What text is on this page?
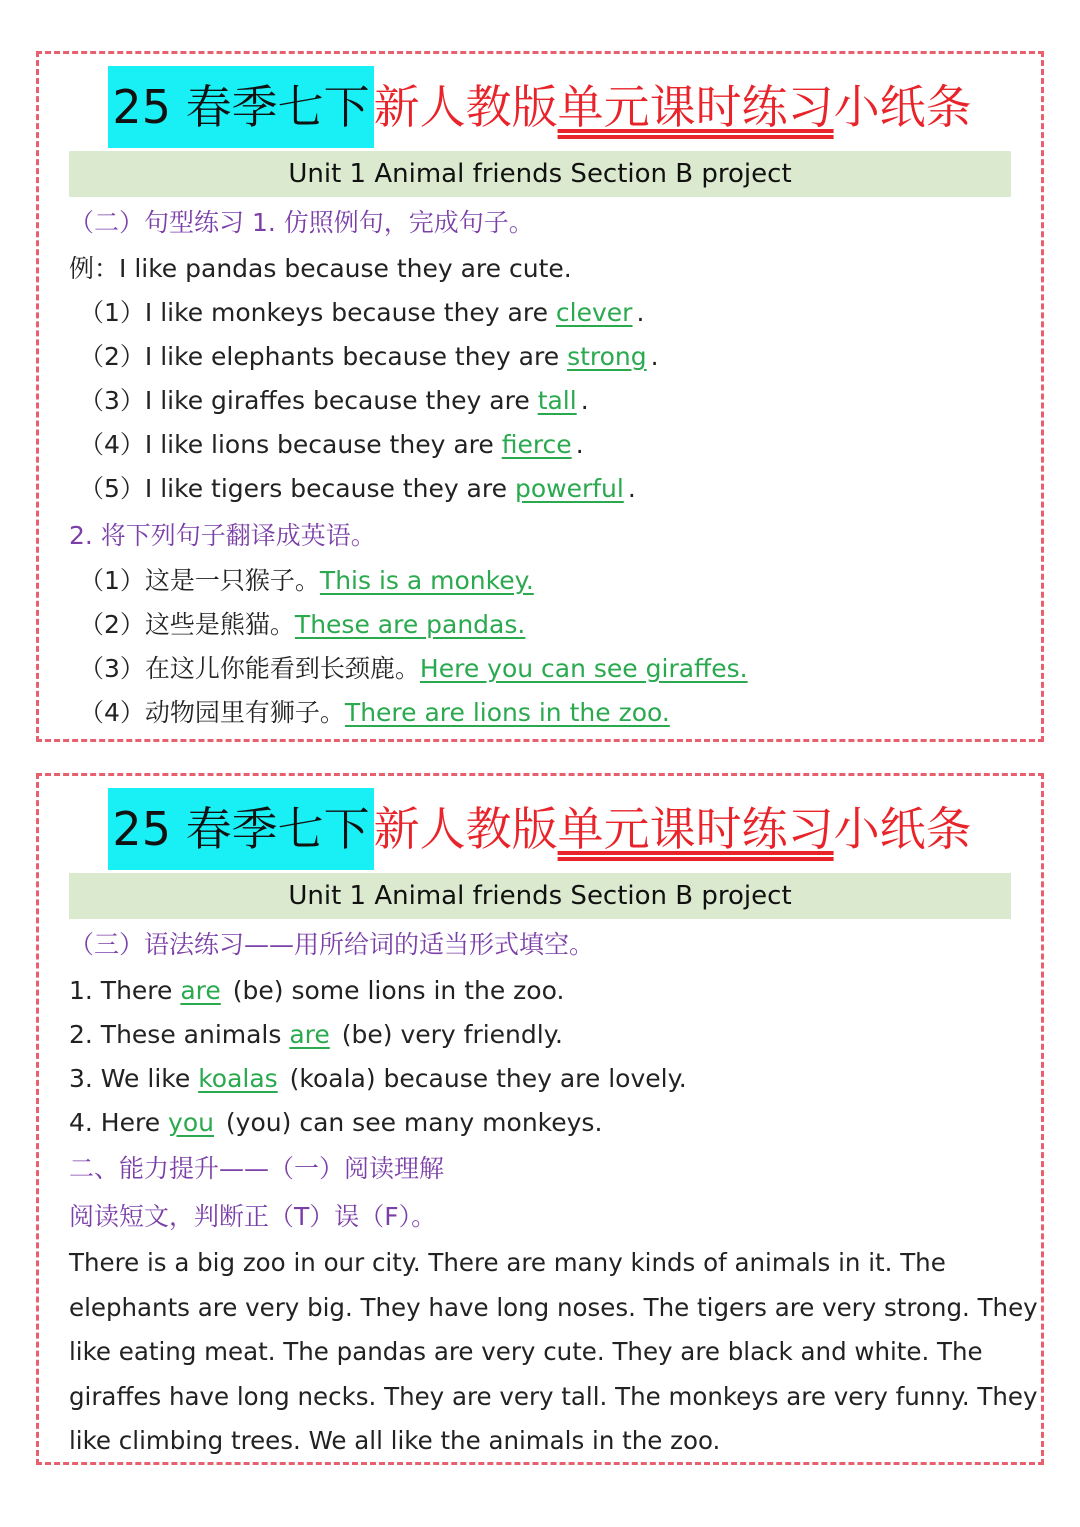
25 春季七下新人教版单元课时练习小纸条
Unit 1 Animal friends Section B project
（二）句型练习 1. 仿照例句，完成句子。
例：I like pandas because they are cute.
（1）I like monkeys because they are clever .
（2）I like elephants because they are strong .
（3）I like giraffes because they are tall .
（4）I like lions because they are fierce .
（5）I like tigers because they are powerful .
2. 将下列句子翻译成英语。
（1）这是一只猴子。This is a monkey.
（2）这些是熊猫。These are pandas.
（3）在这儿你能看到长颈鹿。Here you can see giraffes.
（4）动物园里有狮子。There are lions in the zoo.
25 春季七下新人教版单元课时练习小纸条
Unit 1 Animal friends Section B project
（三）语法练习——用所给词的适当形式填空。
1. There are (be) some lions in the zoo.
2. These animals are (be) very friendly.
3. We like koalas (koala) because they are lovely.
4. Here you (you) can see many monkeys.
二、能力提升——（一）阅读理解
阅读短文，判断正（T）误（F）。

There is a big zoo in our city. There are many kinds of animals in it. The

elephants are very big. They have long noses. The tigers are very strong. They

like eating meat. The pandas are very cute. They are black and white. The

giraffes have long necks. They are very tall. The monkeys are very funny. They

like climbing trees. We all like the animals in the zoo.
